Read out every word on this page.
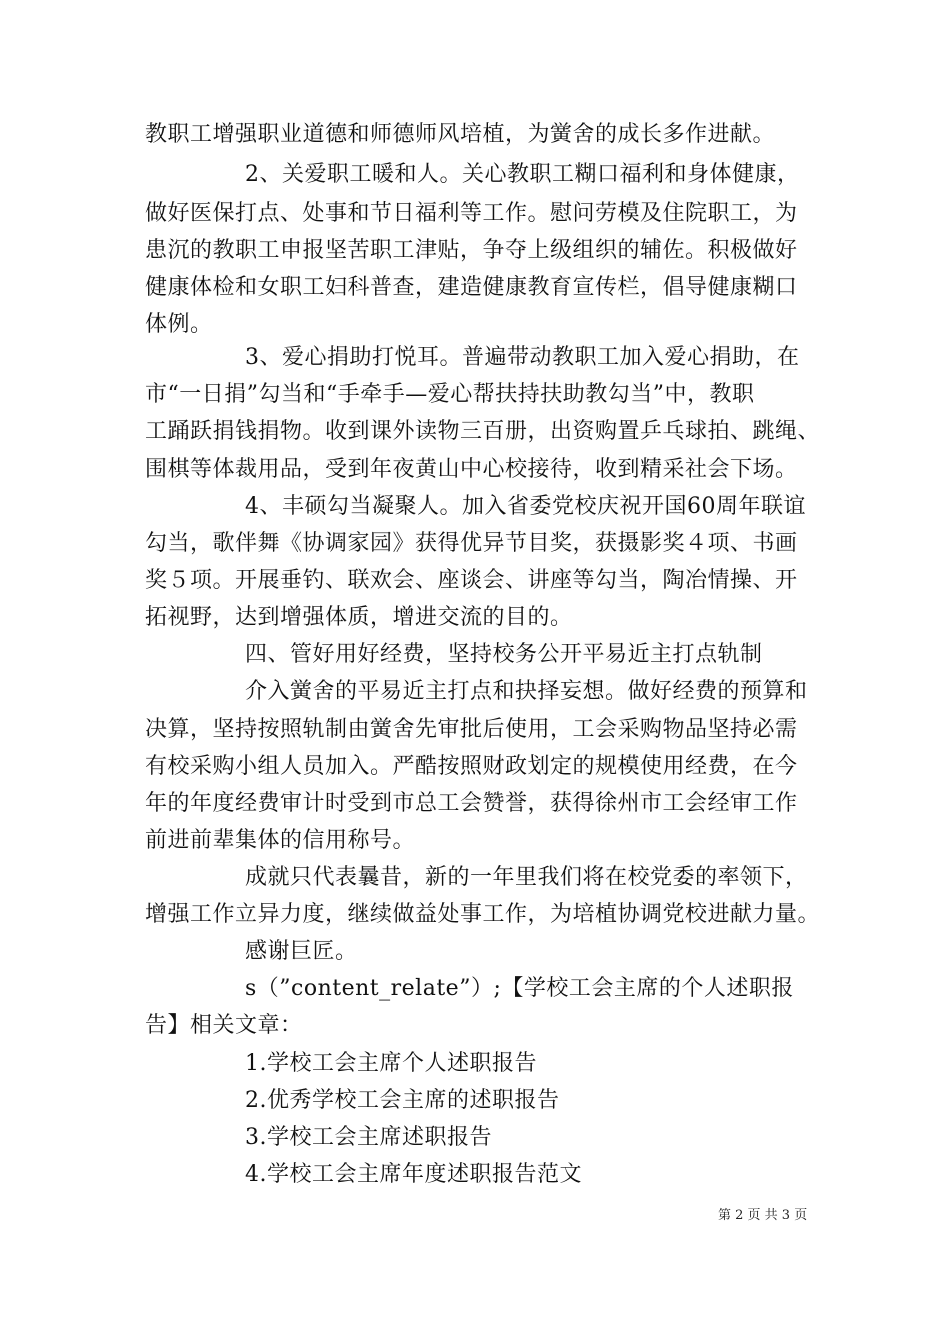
教职工增强职业道德和师德师风培植，为黉舍的成长多作进献。
2、关爱职工暖和人。关心教职工糊口福利和身体健康，
做好医保打点、处事和节日福利等工作。慰问劳模及住院职工，为
患沉的教职工申报坚苦职工津贴，争夺上级组织的辅佐。积极做好
健康体检和女职工妇科普查，建造健康教育宣传栏，倡导健康糊口
体例。
3、爱心捐助打悦耳。普遍带动教职工加入爱心捐助，在
市“一日捐”勾当和“手牵手—爱心帮扶持扶助教勾当”中，教职
工踊跃捐钱捐物。收到课外读物三百册，出资购置乒乓球拍、跳绳、
围棋等体裁用品，受到年夜黄山中心校接待，收到精采社会下场。
4、丰硕勾当凝聚人。加入省委党校庆祝开国60周年联谊
勾当，歌伴舞《协调家园》获得优异节目奖，获摄影奖４项、书画
奖５项。开展垂钓、联欢会、座谈会、讲座等勾当，陶冶情操、开
拓视野，达到增强体质，增进交流的目的。
四、管好用好经费，坚持校务公开平易近主打点轨制
介入黉舍的平易近主打点和抉择妄想。做好经费的预算和
决算，坚持按照轨制由黉舍先审批后使用，工会采购物品坚持必需
有校采购小组人员加入。严酷按照财政划定的规模使用经费，在今
年的年度经费审计时受到市总工会赞誉，获得徐州市工会经审工作
前进前辈集体的信用称号。
成就只代表曩昔，新的一年里我们将在校党委的率领下，
增强工作立异力度，继续做益处事工作，为培植协调党校进献力量。
感谢巨匠。
s（”content_relate”）;【学校工会主席的个人述职报
告】相关文章：
1.学校工会主席个人述职报告
2.优秀学校工会主席的述职报告
3.学校工会主席述职报告
4.学校工会主席年度述职报告范文
第 2 页 共 3 页
